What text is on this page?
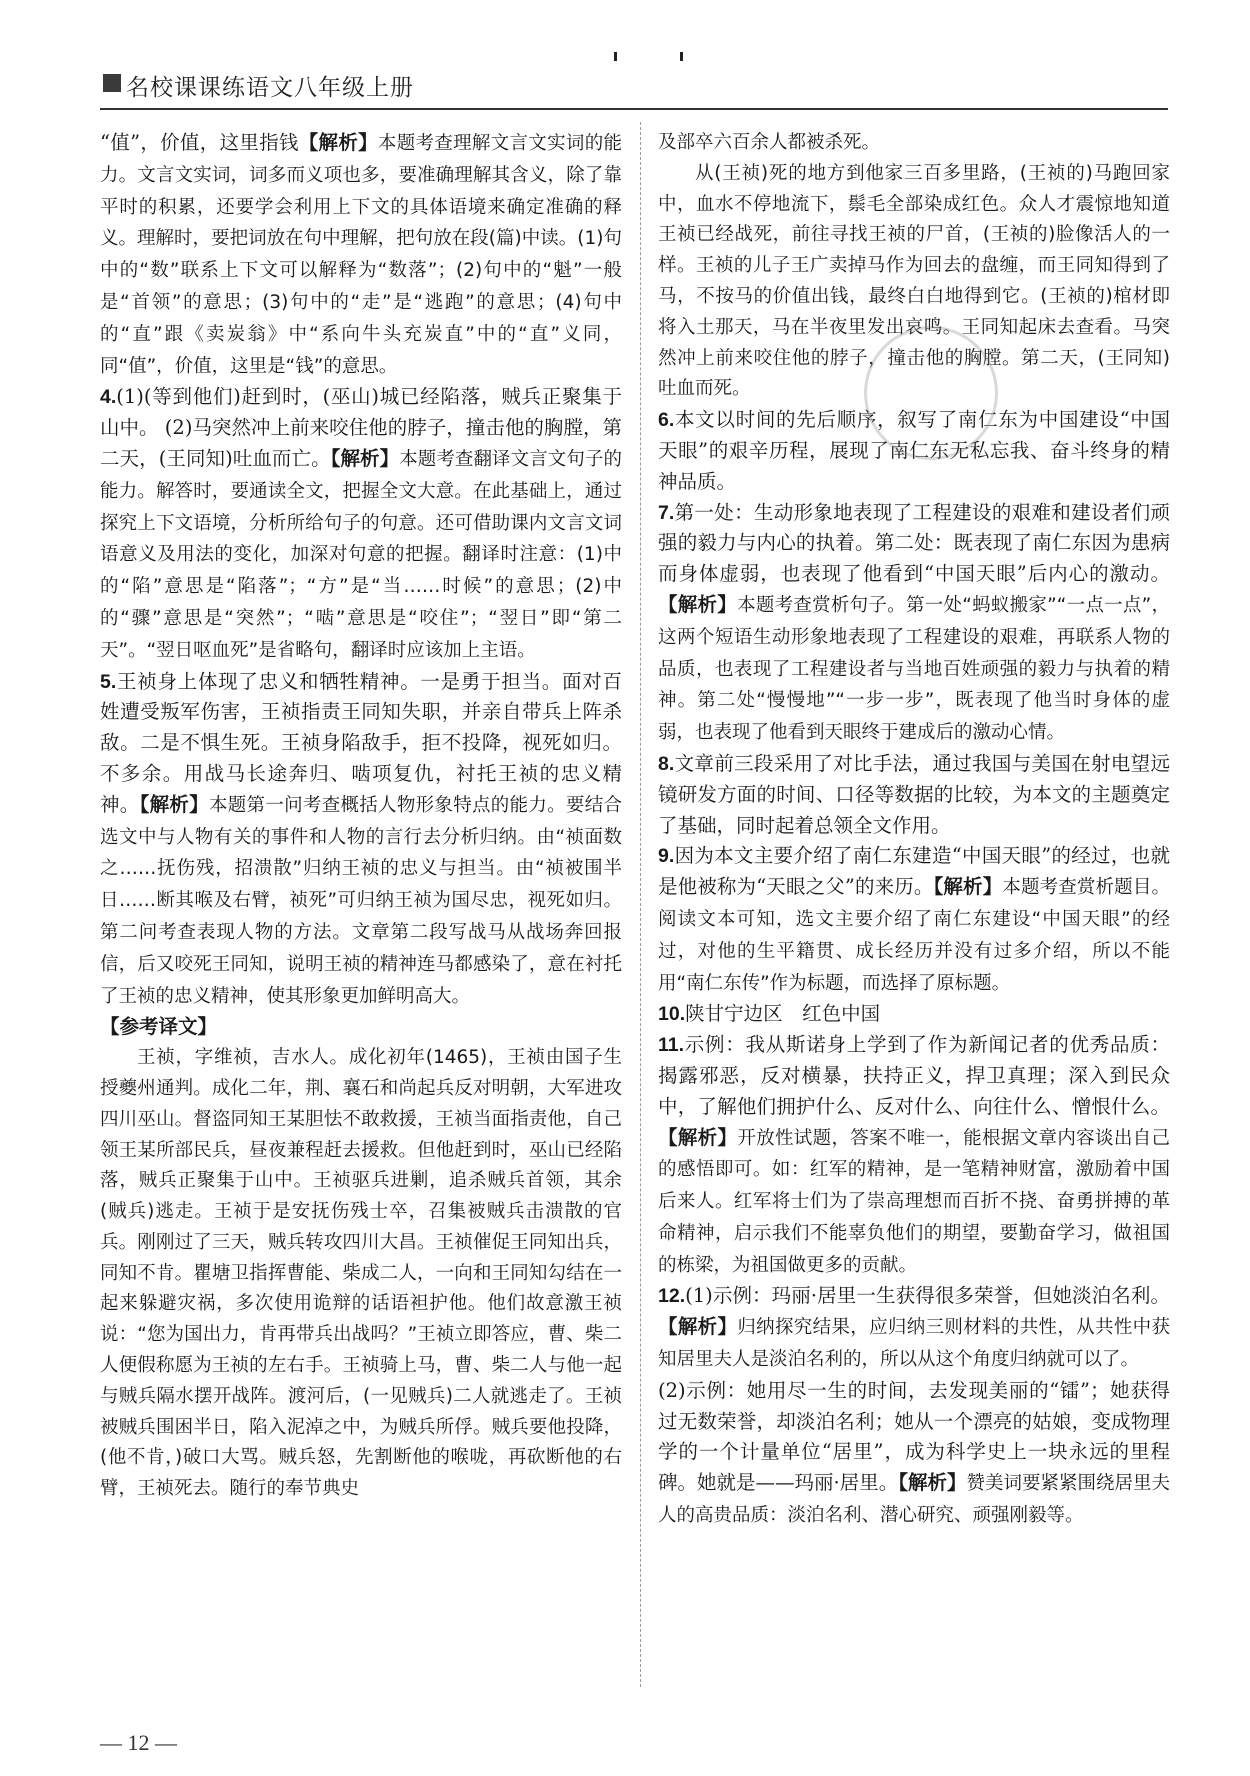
名校课课练语文八年级上册

“值”，价值，这里指钱【解析】本题考查理解文言文实词的能力。文言文实词，词多而义项也多，要准确理解其含义，除了靠平时的积累，还要学会利用上下文的具体语境来确定准确的释义。理解时，要把词放在句中理解，把句放在段(篇)中读。(1)句中的“数”联系上下文可以解释为“数落”；(2)句中的“魁”一般是“首领”的意思；(3)句中的“走”是“逃跑”的意思；(4)句中的“直”跟《卖炭翁》中“系向牛头充炭直”中的“直”义同，同“值”，价值，这里是“钱”的意思。

4.(1)(等到他们)赶到时，(巫山)城已经陷落，贼兵正聚集于山中。 (2)马突然冲上前来咬住他的脖子，撞击他的胸膛，第二天，(王同知)吐血而亡。【解析】本题考查翻译文言文句子的能力。解答时，要通读全文，把握全文大意。在此基础上，通过探究上下文语境，分析所给句子的句意。还可借助课内文言文词语意义及用法的变化，加深对句意的把握。翻译时注意：(1)中的“陷”意思是“陷落”；“方”是“当……时候”的意思；(2)中的“骤”意思是“突然”；“啮”意思是“咬住”；“翌日”即“第二天”。“翌日呕血死”是省略句，翻译时应该加上主语。

5.王祯身上体现了忠义和牺牲精神。一是勇于担当。面对百姓遭受叛军伤害，王祯指责王同知失职，并亲自带兵上阵杀敌。二是不惧生死。王祯身陷敌手，拒不投降，视死如归。不多余。用战马长途奔归、啮项复仇，衬托王祯的忠义精神。【解析】本题第一问考查概括人物形象特点的能力。要结合选文中与人物有关的事件和人物的言行去分析归纳。由“祯面数之……抚伤残，招溃散”归纳王祯的忠义与担当。由“祯被围半日……断其喉及右臂，祯死”可归纳王祯为国尽忠，视死如归。第二问考查表现人物的方法。文章第二段写战马从战场奔回报信，后又咬死王同知，说明王祯的精神连马都感染了，意在衬托了王祯的忠义精神，使其形象更加鲜明高大。

【参考译文】

王祯，字维祯，吉水人。成化初年(1465)，王祯由国子生授夔州通判。成化二年，荆、襄石和尚起兵反对明朝，大军进攻四川巫山。督盗同知王某胆怯不敢救援，王祯当面指责他，自己领王某所部民兵，昼夜兼程赶去援救。但他赶到时，巫山已经陷落，贼兵正聚集于山中。王祯驱兵进剿，追杀贼兵首领，其余(贼兵)逃走。王祯于是安抚伤残士卒，召集被贼兵击溃散的官兵。刚刚过了三天，贼兵转攻四川大昌。王祯催促王同知出兵，同知不肯。瞿塘卫指挥曹能、柴成二人，一向和王同知勾结在一起来躲避灾祸，多次使用诡辩的话语袒护他。他们故意激王祯说：“您为国出力，肯再带兵出战吗？”王祯立即答应，曹、柴二人便假称愿为王祯的左右手。王祯骑上马，曹、柴二人与他一起与贼兵隔水摆开战阵。渡河后，(一见贼兵)二人就逃走了。王祯被贼兵围困半日，陷入泥淖之中，为贼兵所俘。贼兵要他投降，(他不肯，)破口大骂。贼兵怒，先割断他的喉咙，再砍断他的右臂，王祯死去。随行的奉节典史

及部卒六百余人都被杀死。

从(王祯)死的地方到他家三百多里路，(王祯的)马跑回家中，血水不停地流下，鬃毛全部染成红色。众人才震惊地知道王祯已经战死，前往寻找王祯的尸首，(王祯的)脸像活人的一样。王祯的儿子王广卖掉马作为回去的盘缠，而王同知得到了马，不按马的价值出钱，最终白白地得到它。(王祯的)棺材即将入土那天，马在半夜里发出哀鸣。王同知起床去查看。马突然冲上前来咬住他的脖子，撞击他的胸膛。第二天，(王同知)吐血而死。

6.本文以时间的先后顺序，叙写了南仁东为中国建设“中国天眼”的艰辛历程，展现了南仁东无私忘我、奋斗终身的精神品质。

7.第一处：生动形象地表现了工程建设的艰难和建设者们顽强的毅力与内心的执着。第二处：既表现了南仁东因为患病而身体虚弱，也表现了他看到“中国天眼”后内心的激动。【解析】本题考查赏析句子。第一处“蚂蚁搬家”“一点一点”，这两个短语生动形象地表现了工程建设的艰难，再联系人物的品质，也表现了工程建设者与当地百姓顽强的毅力与执着的精神。第二处“慢慢地”“一步一步”，既表现了他当时身体的虚弱，也表现了他看到天眼终于建成后的激动心情。

8.文章前三段采用了对比手法，通过我国与美国在射电望远镜研发方面的时间、口径等数据的比较，为本文的主题奠定了基础，同时起着总领全文作用。

9.因为本文主要介绍了南仁东建造“中国天眼”的经过，也就是他被称为“天眼之父”的来历。【解析】本题考查赏析题目。阅读文本可知，选文主要介绍了南仁东建设“中国天眼”的经过，对他的生平籍贯、成长经历并没有过多介绍，所以不能用“南仁东传”作为标题，而选择了原标题。

10.陕甘宁边区　红色中国

11.示例：我从斯诺身上学到了作为新闻记者的优秀品质：揭露邪恶，反对横暴，扶持正义，捍卫真理；深入到民众中，了解他们拥护什么、反对什么、向往什么、憎恨什么。【解析】开放性试题，答案不唯一，能根据文章内容谈出自己的感悟即可。如：红军的精神，是一笔精神财富，激励着中国后来人。红军将士们为了崇高理想而百折不挠、奋勇拼搏的革命精神，启示我们不能辜负他们的期望，要勤奋学习，做祖国的栋梁，为祖国做更多的贡献。

12.(1)示例：玛丽·居里一生获得很多荣誉，但她淡泊名利。【解析】归纳探究结果，应归纳三则材料的共性，从共性中获知居里夫人是淡泊名利的，所以从这个角度归纳就可以了。

(2)示例：她用尽一生的时间，去发现美丽的“镭”；她获得过无数荣誉，却淡泊名利；她从一个漂亮的姑娘，变成物理学的一个计量单位“居里”，成为科学史上一块永远的里程碑。她就是——玛丽·居里。【解析】赞美词要紧紧围绕居里夫人的高贵品质：淡泊名利、潜心研究、顽强刚毅等。

— 12 —
